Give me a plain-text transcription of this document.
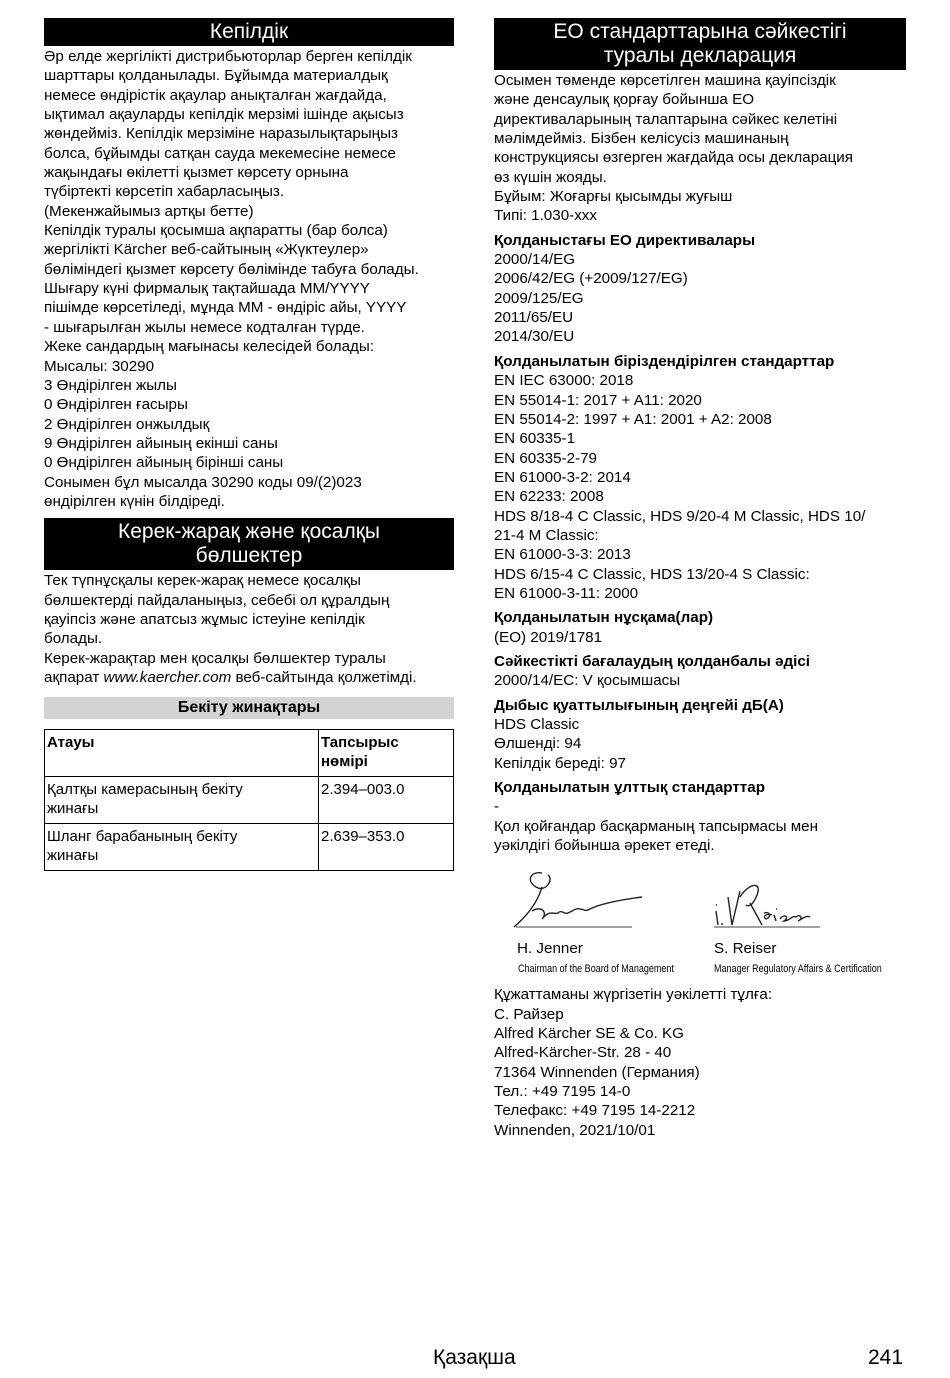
Кепілдік
Әр елде жергілікті дистрибьюторлар берген кепілдік
шарттары қолданылады. Бұйымда материалдық
немесе өндірістік ақаулар анықталған жағдайда,
ықтимал ақауларды кепілдік мерзімі ішінде ақысыз
жөндейміз. Кепілдік мерзіміне наразылықтарыңыз
болса, бұйымды сатқан сауда мекемесіне немесе
жақындағы өкілетті қызмет көрсету орнына
түбіртекті көрсетіп хабарласыңыз.
(Мекенжайымыз артқы бетте)
Кепілдік туралы қосымша ақпаратты (бар болса)
жергілікті Kärcher веб-сайтының «Жүктеулер»
бөліміндегі қызмет көрсету бөлімінде табуға болады.
Шығару күні фирмалық тақтайшада MM/YYYY
пішімде көрсетіледі, мұнда MM - өндіріс айы, YYYY
- шығарылған жылы немесе кодталған түрде.
Жеке сандардың мағынасы келесідей болады:
Мысалы: 30290
3 Өндірілген жылы
0 Өндірілген ғасыры
2 Өндірілген онжылдық
9 Өндірілген айының екінші саны
0 Өндірілген айының бірінші саны
Сонымен бұл мысалда 30290 коды 09/(2)023
өндірілген күнін білдіреді.
Керек-жарақ және қосалқы
бөлшектер
Тек түпнұсқалы керек-жарақ немесе қосалқы
бөлшектерді пайдаланыңыз, себебі ол құралдың
қауіпсіз және апатсыз жұмыс істеуіне кепілдік
болады.
Керек-жарақтар мен қосалқы бөлшектер туралы
ақпарат www.kaercher.com веб-сайтында қолжетімді.
Бекіту жинақтары
Атауы	Тапсырыс
нөмірі

Қалтқы камерасының бекіту
жинағы	2.394–003.0

Шланг барабанының бекіту
жинағы	2.639–353.0
ЕО стандарттарына сәйкестігі
туралы декларация
Осымен төменде көрсетілген машина қауіпсіздік
және денсаулық қорғау бойынша ЕО
директиваларының талаптарына сәйкес келетіні
мәлімдейміз. Бізбен келісусіз машинаның
конструкциясы өзгерген жағдайда осы декларация
өз күшін жояды.
Бұйым: Жоғарғы қысымды жуғыш
Типі: 1.030-xxx
Қолданыстағы ЕО директивалары
2000/14/EG
2006/42/EG (+2009/127/EG)
2009/125/EG
2011/65/EU
2014/30/EU
Қолданылатын біріздендірілген стандарттар
EN IEC 63000: 2018
EN 55014-1: 2017 + A11: 2020
EN 55014-2: 1997 + A1: 2001 + A2: 2008
EN 60335-1
EN 60335-2-79
EN 61000-3-2: 2014
EN 62233: 2008
HDS 8/18-4 C Classic, HDS 9/20-4 M Classic, HDS 10/
21-4 M Classic:
EN 61000-3-3: 2013
HDS 6/15-4 C Classic, HDS 13/20-4 S Classic:
EN 61000-3-11: 2000
Қолданылатын нұсқама(лар)
(ЕО) 2019/1781
Сәйкестікті бағалаудың қолданбалы әдісі
2000/14/EC: V қосымшасы
Дыбыс қуаттылығының деңгейі дБ(А)
HDS Classic
Өлшенді: 94
Кепілдік береді: 97
Қолданылатын ұлттық стандарттар
-
Қол қойғандар басқарманың тапсырмасы мен
уәкілдігі бойынша әрекет етеді.
H. Jenner
Chairman of the Board of Management
S. Reiser
Manager Regulatory Affairs & Certification
Құжаттаманы жүргізетін уәкілетті тұлға:
С. Райзер
Alfred Kärcher SE & Co. KG
Alfred-Kärcher-Str. 28 - 40
71364 Winnenden (Германия)
Тел.: +49 7195 14-0
Телефакс: +49 7195 14-2212
Winnenden, 2021/10/01
Қазақша	241
